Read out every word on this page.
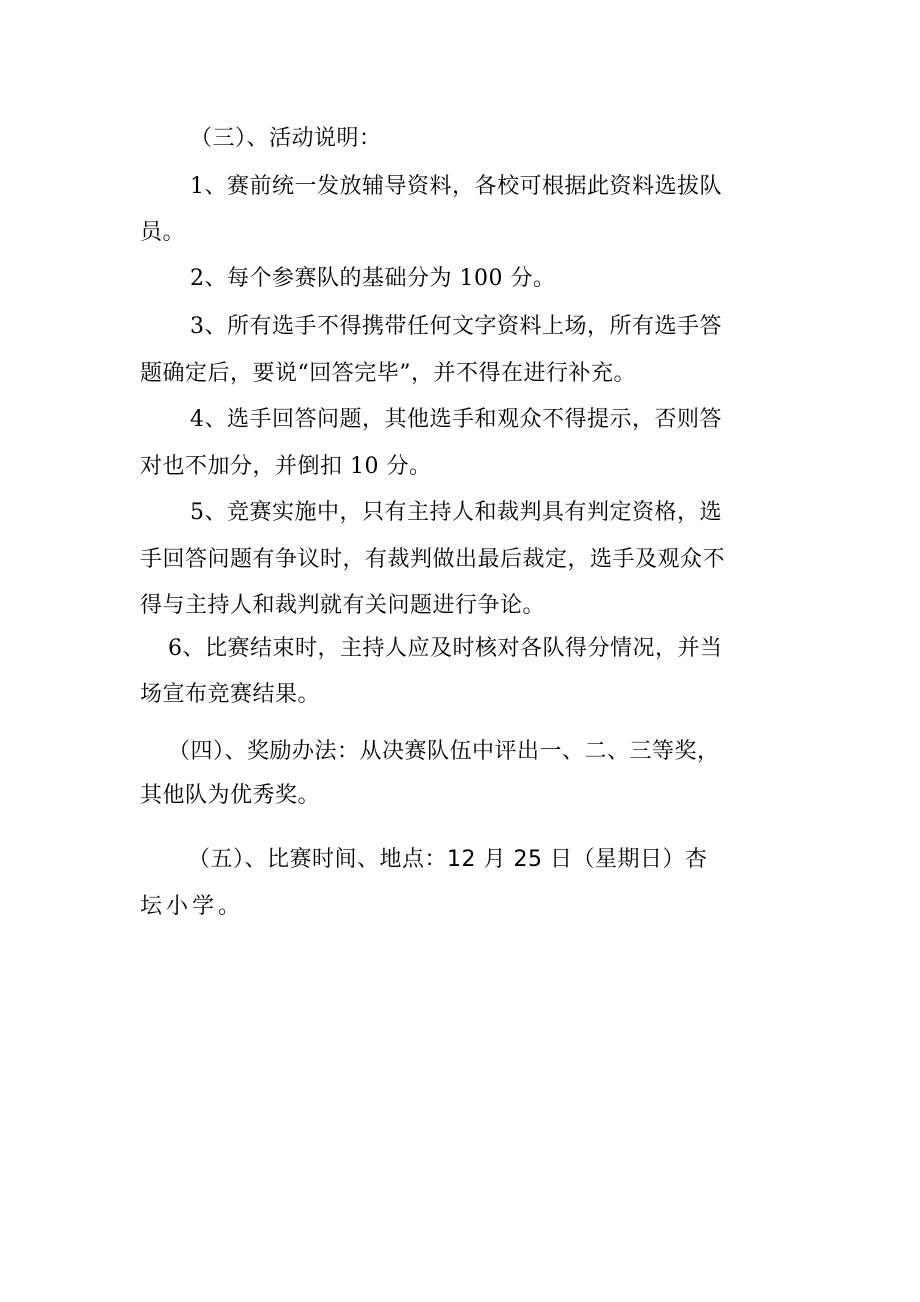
（三）、活动说明：
1、赛前统一发放辅导资料，各校可根据此资料选拔队
员。
2、每个参赛队的基础分为 100 分。
3、所有选手不得携带任何文字资料上场，所有选手答
题确定后，要说“回答完毕”，并不得在进行补充。
4、选手回答问题，其他选手和观众不得提示，否则答
对也不加分，并倒扣 10 分。
5、竞赛实施中，只有主持人和裁判具有判定资格，选
手回答问题有争议时，有裁判做出最后裁定，选手及观众不
得与主持人和裁判就有关问题进行争论。
6、比赛结束时，主持人应及时核对各队得分情况，并当
场宣布竞赛结果。
（四）、奖励办法：从决赛队伍中评出一、二、三等奖，
其他队为优秀奖。
（五）、比赛时间、地点：12 月 25 日（星期日）杏
坛小学。
